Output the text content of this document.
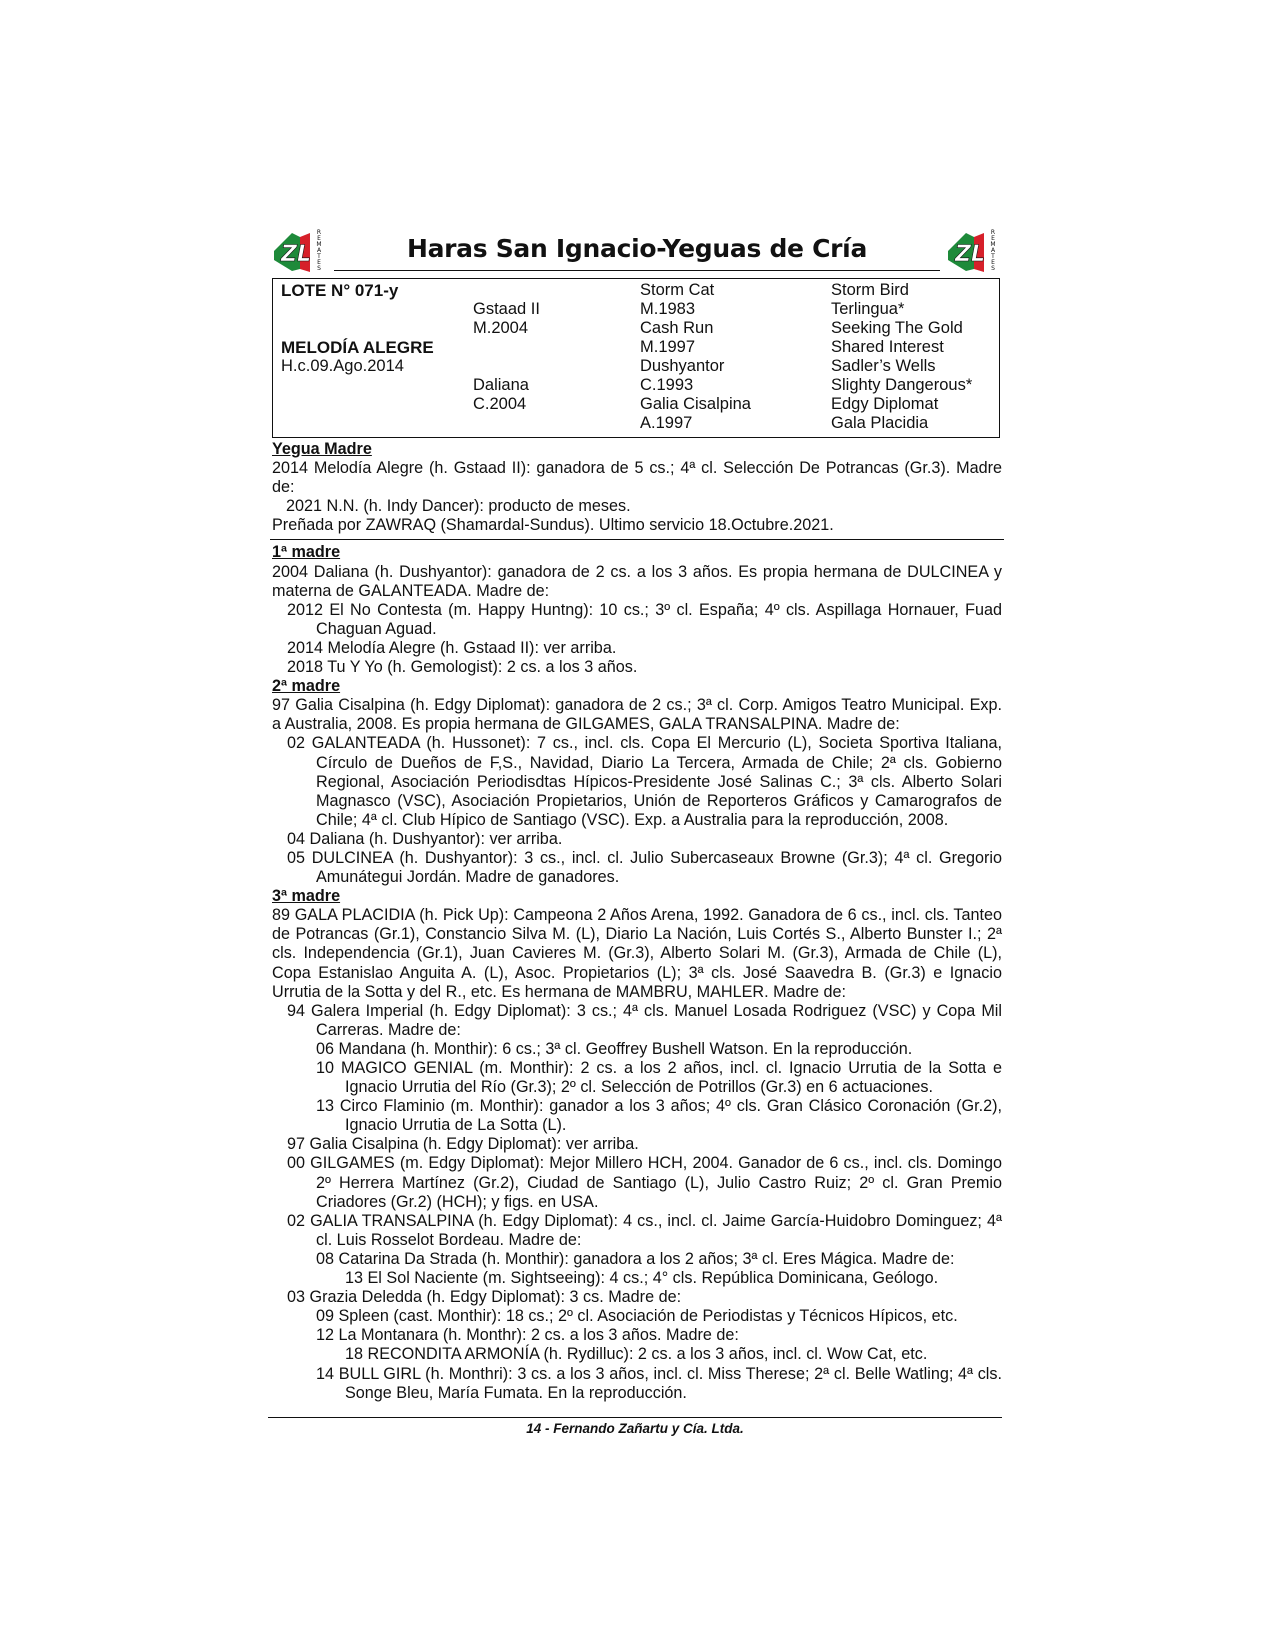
ZL
R
E
M
A
T
E
S
Haras San Ignacio-Yeguas de Cría	ZL
R
E
M
A
T
E
S
LOTE N° 071-y
MELODÍA ALEGRE
H.c.09.Ago.2014
Gstaad II
M.2004
Daliana
C.2004
Storm Cat
M.1983
Cash Run
M.1997
Dushyantor
C.1993
Galia Cisalpina
A.1997
Storm Bird
Terlingua*
Seeking The Gold
Shared Interest
Sadler’s Wells
Slighty Dangerous*
Edgy Diplomat
Gala Placidia

Yegua Madre

2014 Melodía Alegre (h. Gstaad II): ganadora de 5 cs.; 4ª cl. Selección De Potrancas (Gr.3). Madre de:

2021 N.N. (h. Indy Dancer): producto de meses.

Preñada por ZAWRAQ (Shamardal-Sundus). Ultimo servicio 18.Octubre.2021.

1ª madre

2004 Daliana (h. Dushyantor): ganadora de 2 cs. a los 3 años. Es propia hermana de DULCINEA y materna de GALANTEADA. Madre de:

2012 El No Contesta (m. Happy Huntng): 10 cs.; 3º cl. España; 4º cls. Aspillaga Hornauer, Fuad Chaguan Aguad.

2014 Melodía Alegre (h. Gstaad II): ver arriba.

2018 Tu Y Yo (h. Gemologist): 2 cs. a los 3 años.

2ª madre

97 Galia Cisalpina (h. Edgy Diplomat): ganadora de 2 cs.; 3ª cl. Corp. Amigos Teatro Municipal. Exp. a Australia, 2008. Es propia hermana de GILGAMES, GALA TRANSALPINA. Madre de:

02 GALANTEADA (h. Hussonet): 7 cs., incl. cls. Copa El Mercurio (L), Societa Sportiva Italiana, Círculo de Dueños de F,S., Navidad, Diario La Tercera, Armada de Chile; 2ª cls. Gobierno Regional, Asociación Periodisdtas Hípicos-Presidente José Salinas C.; 3ª cls. Alberto Solari Magnasco (VSC), Asociación Propietarios, Unión de Reporteros Gráficos y Camarografos de Chile; 4ª cl. Club Hípico de Santiago (VSC). Exp. a Australia para la reproducción, 2008.

04 Daliana (h. Dushyantor): ver arriba.

05 DULCINEA (h. Dushyantor): 3 cs., incl. cl. Julio Subercaseaux Browne (Gr.3); 4ª cl. Gregorio Amunátegui Jordán. Madre de ganadores.

3ª madre

89 GALA PLACIDIA (h. Pick Up): Campeona 2 Años Arena, 1992. Ganadora de 6 cs., incl. cls. Tanteo de Potrancas (Gr.1), Constancio Silva M. (L), Diario La Nación, Luis Cortés S., Alberto Bunster I.; 2ª cls. Independencia (Gr.1), Juan Cavieres M. (Gr.3), Alberto Solari M. (Gr.3), Armada de Chile (L), Copa Estanislao Anguita A. (L), Asoc. Propietarios (L); 3ª cls. José Saavedra B. (Gr.3) e Ignacio Urrutia de la Sotta y del R., etc. Es hermana de MAMBRU, MAHLER. Madre de:

94 Galera Imperial (h. Edgy Diplomat): 3 cs.; 4ª cls. Manuel Losada Rodriguez (VSC) y Copa Mil Carreras. Madre de:

06 Mandana (h. Monthir): 6 cs.; 3ª cl. Geoffrey Bushell Watson. En la reproducción.

10 MAGICO GENIAL (m. Monthir): 2 cs. a los 2 años, incl. cl. Ignacio Urrutia de la Sotta e Ignacio Urrutia del Río (Gr.3); 2º cl. Selección de Potrillos (Gr.3) en 6 actuaciones.

13 Circo Flaminio (m. Monthir): ganador a los 3 años; 4º cls. Gran Clásico Coronación (Gr.2), Ignacio Urrutia de La Sotta (L).

97 Galia Cisalpina (h. Edgy Diplomat): ver arriba.

00 GILGAMES (m. Edgy Diplomat): Mejor Millero HCH, 2004. Ganador de 6 cs., incl. cls. Domingo 2º Herrera Martínez (Gr.2), Ciudad de Santiago (L), Julio Castro Ruiz; 2º cl. Gran Premio Criadores (Gr.2) (HCH); y figs. en USA.

02 GALIA TRANSALPINA (h. Edgy Diplomat): 4 cs., incl. cl. Jaime García-Huidobro Dominguez; 4ª cl. Luis Rosselot Bordeau. Madre de:

08 Catarina Da Strada (h. Monthir): ganadora a los 2 años; 3ª cl. Eres Mágica. Madre de:

13 El Sol Naciente (m. Sightseeing): 4 cs.; 4° cls. República Dominicana, Geólogo.

03 Grazia Deledda (h. Edgy Diplomat): 3 cs. Madre de:

09 Spleen (cast. Monthir): 18 cs.; 2º cl. Asociación de Periodistas y Técnicos Hípicos, etc.

12 La Montanara (h. Monthr): 2 cs. a los 3 años. Madre de:

18 RECONDITA ARMONÍA (h. Rydilluc): 2 cs. a los 3 años, incl. cl. Wow Cat, etc.

14 BULL GIRL (h. Monthri): 3 cs. a los 3 años, incl. cl. Miss Therese; 2ª cl. Belle Watling; 4ª cls. Songe Bleu, María Fumata. En la reproducción.

14 - Fernando Zañartu y Cía. Ltda.
